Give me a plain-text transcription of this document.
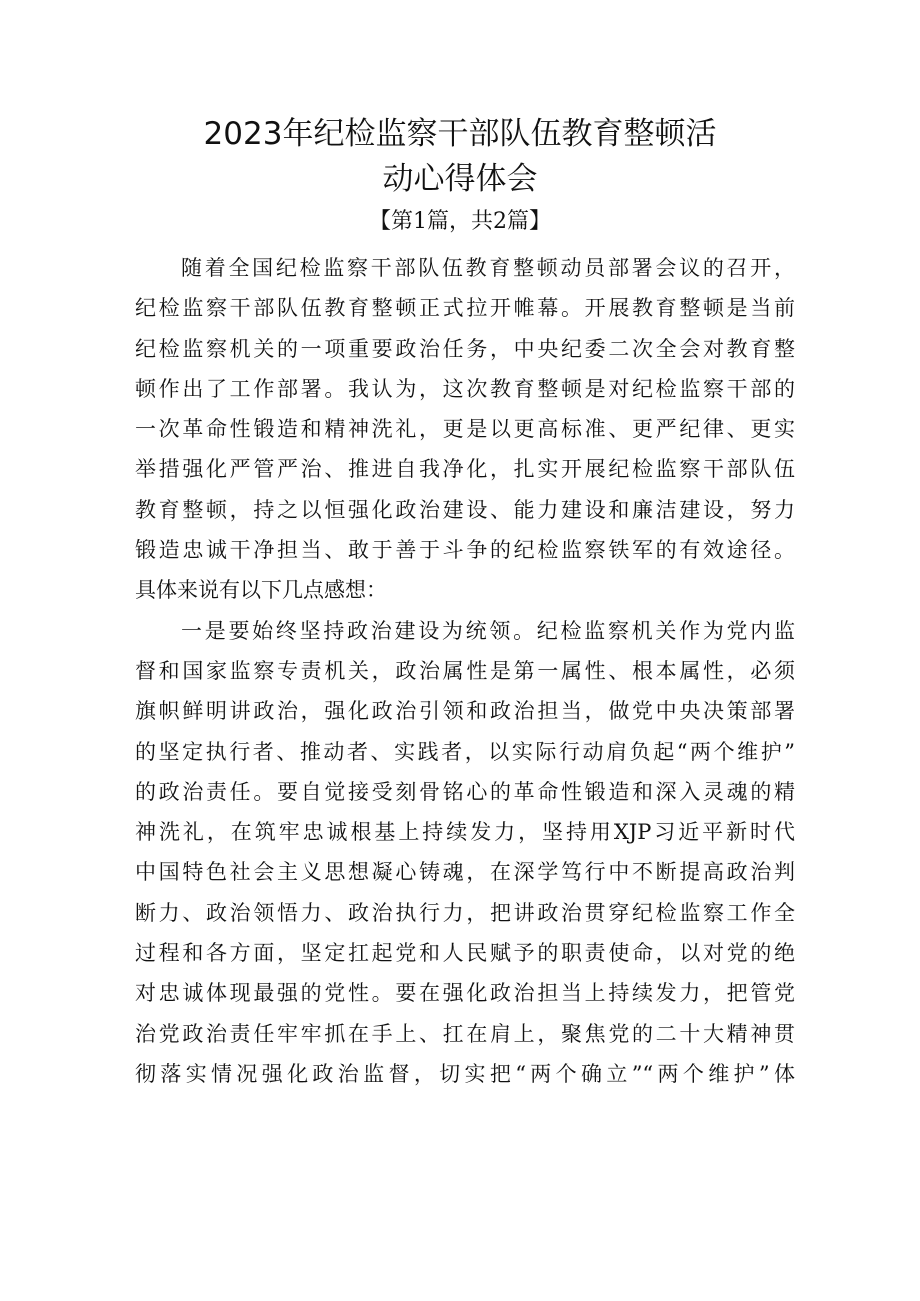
2023年纪检监察干部队伍教育整顿活
动心得体会
【第1篇，共2篇】
随着全国纪检监察干部队伍教育整顿动员部署会议的召开，
纪检监察干部队伍教育整顿正式拉开帷幕。开展教育整顿是当前
纪检监察机关的一项重要政治任务，中央纪委二次全会对教育整
顿作出了工作部署。我认为，这次教育整顿是对纪检监察干部的
一次革命性锻造和精神洗礼，更是以更高标准、更严纪律、更实
举措强化严管严治、推进自我净化，扎实开展纪检监察干部队伍
教育整顿，持之以恒强化政治建设、能力建设和廉洁建设，努力
锻造忠诚干净担当、敢于善于斗争的纪检监察铁军的有效途径。
具体来说有以下几点感想：
一是要始终坚持政治建设为统领。纪检监察机关作为党内监
督和国家监察专责机关，政治属性是第一属性、根本属性，必须
旗帜鲜明讲政治，强化政治引领和政治担当，做党中央决策部署
的坚定执行者、推动者、实践者，以实际行动肩负起“两个维护”
的政治责任。要自觉接受刻骨铭心的革命性锻造和深入灵魂的精
神洗礼，在筑牢忠诚根基上持续发力，坚持用XJP习近平新时代
中国特色社会主义思想凝心铸魂，在深学笃行中不断提高政治判
断力、政治领悟力、政治执行力，把讲政治贯穿纪检监察工作全
过程和各方面，坚定扛起党和人民赋予的职责使命，以对党的绝
对忠诚体现最强的党性。要在强化政治担当上持续发力，把管党
治党政治责任牢牢抓在手上、扛在肩上，聚焦党的二十大精神贯
彻落实情况强化政治监督，切实把“两个确立”“两个维护”体
